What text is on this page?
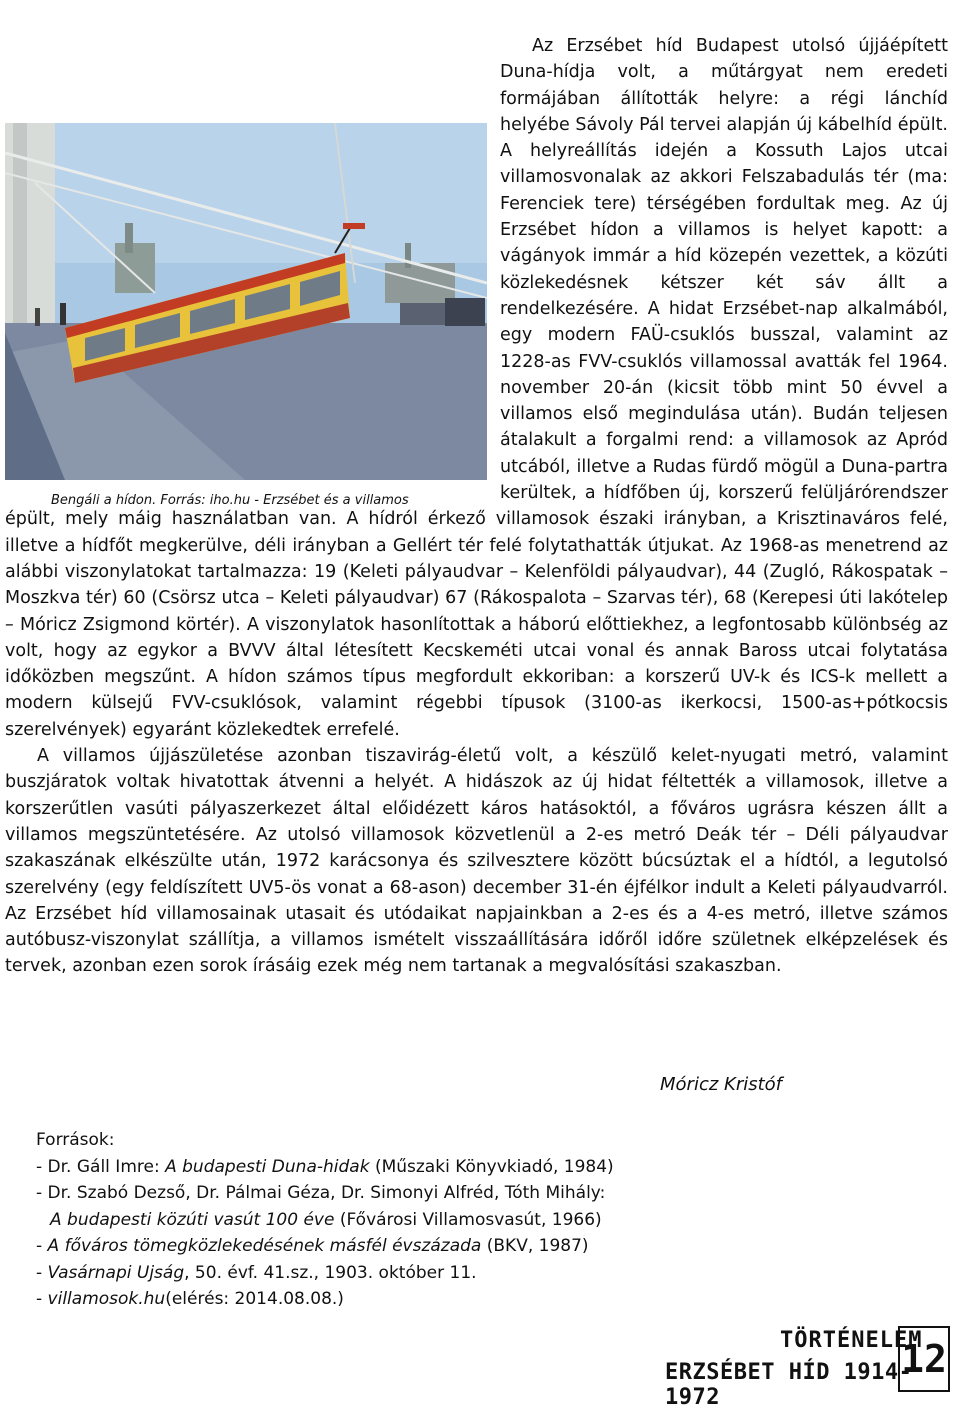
Bengáli a hídon. Forrás: iho.hu - Erzsébet és a villamos

Az Erzsébet híd Budapest utolsó újjáépített Duna-hídja volt, a műtárgyat nem eredeti formájában állították helyre: a régi lánchíd helyébe Sávoly Pál tervei alapján új kábelhíd épült. A helyreállítás idején a Kossuth Lajos utcai villamosvonalak az akkori Felszabadulás tér (ma: Ferenciek tere) térségében fordultak meg. Az új Erzsébet hídon a villamos is helyet kapott: a vágányok immár a híd közepén vezettek, a közúti közlekedésnek kétszer két sáv állt a rendelkezésére. A hidat Erzsébet-nap alkalmából, egy modern FAÜ-csuklós busszal, valamint az 1228-as FVV-csuklós villamossal avatták fel 1964. november 20-án (kicsit több mint 50 évvel a villamos első megindulása után). Budán teljesen átalakult a forgalmi rend: a villamosok az Apród utcából, illetve a Rudas fürdő mögül a Duna-partra kerültek, a hídfőben új, korszerű felüljárórendszer épült, mely máig használatban van. A hídról érkező villamosok északi irányban, a Krisztinaváros felé, illetve a hídfőt megkerülve, déli irányban a Gellért tér felé folytathatták útjukat. Az 1968-as menetrend az alábbi viszonylatokat tartalmazza: 19 (Keleti pályaudvar – Kelenföldi pályaudvar), 44 (Zugló, Rákospatak – Moszkva tér) 60 (Csörsz utca – Keleti pályaudvar) 67 (Rákospalota – Szarvas tér), 68 (Kerepesi úti lakótelep – Móricz Zsigmond körtér). A viszonylatok hasonlítottak a háború előttiekhez, a legfontosabb különbség az volt, hogy az egykor a BVVV által létesített Kecskeméti utcai vonal és annak Baross utcai folytatása időközben megszűnt. A hídon számos típus megfordult ekkoriban: a korszerű UV-k és ICS-k mellett a modern külsejű FVV-csuklósok, valamint régebbi típusok (3100-as ikerkocsi, 1500-as+pótkocsis szerelvények) egyaránt közlekedtek errefelé.

A villamos újjászületése azonban tiszavirág-életű volt, a készülő kelet-nyugati metró, valamint buszjáratok voltak hivatottak átvenni a helyét. A hidászok az új hidat féltették a villamosok, illetve a korszerűtlen vasúti pályaszerkezet által előidézett káros hatásoktól, a főváros ugrásra készen állt a villamos megszüntetésére. Az utolsó villamosok közvetlenül a 2-es metró Deák tér – Déli pályaudvar szakaszának elkészülte után, 1972 karácsonya és szilvesztere között búcsúztak el a hídtól, a legutolsó szerelvény (egy feldíszített UV5-ös vonat a 68-ason) december 31-én éjfélkor indult a Keleti pályaudvarról. Az Erzsébet híd villamosainak utasait és utódaikat napjainkban a 2-es és a 4-es metró, illetve számos autóbusz-viszonylat szállítja, a villamos ismételt visszaállítására időről időre születnek elképzelések és tervek, azonban ezen sorok írásáig ezek még nem tartanak a megvalósítási szakaszban.

Móricz Kristóf
Források:
- Dr. Gáll Imre: A budapesti Duna-hidak (Műszaki Könyvkiadó, 1984)
- Dr. Szabó Dezső, Dr. Pálmai Géza, Dr. Simonyi Alfréd, Tóth Mihály:
A budapesti közúti vasút 100 éve (Fővárosi Villamosvasút, 1966)
- A főváros tömegközlekedésének másfél évszázada (BKV, 1987)
- Vasárnapi Ujság, 50. évf. 41.sz., 1903. október 11.
- villamosok.hu(elérés: 2014.08.08.)
TÖRTÉNELEM
ERZSÉBET HÍD 1914-1972
12
